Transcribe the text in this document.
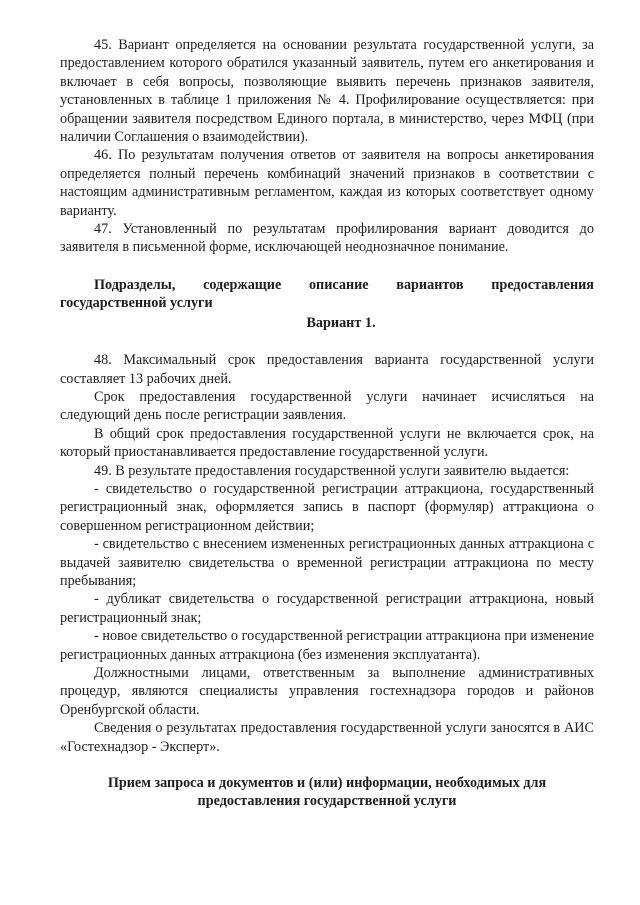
45. Вариант определяется на основании результата государственной услуги, за предоставлением которого обратился указанный заявитель, путем его анкетирования и включает в себя вопросы, позволяющие выявить перечень признаков заявителя, установленных в таблице 1 приложения № 4. Профилирование осуществляется: при обращении заявителя посредством Единого портала, в министерство, через МФЦ (при наличии Соглашения о взаимодействии).

46. По результатам получения ответов от заявителя на вопросы анкетирования определяется полный перечень комбинаций значений признаков в соответствии с настоящим административным регламентом, каждая из которых соответствует одному варианту.

47. Установленный по результатам профилирования вариант доводится до заявителя в письменной форме, исключающей неоднозначное понимание.

Подразделы, содержащие описание вариантов предоставления государственной услуги

Вариант 1.

48. Максимальный срок предоставления варианта государственной услуги составляет 13 рабочих дней.

Срок предоставления государственной услуги начинает исчисляться на следующий день после регистрации заявления.

В общий срок предоставления государственной услуги не включается срок, на который приостанавливается предоставление государственной услуги.

49. В результате предоставления государственной услуги заявителю выдается:

- свидетельство о государственной регистрации аттракциона, государственный регистрационный знак, оформляется запись в паспорт (формуляр) аттракциона о совершенном регистрационном действии;

- свидетельство с внесением измененных регистрационных данных аттракциона с выдачей заявителю свидетельства о временной регистрации аттракциона по месту пребывания;

- дубликат свидетельства о государственной регистрации аттракциона, новый регистрационный знак;

- новое свидетельство о государственной регистрации аттракциона при изменение регистрационных данных аттракциона (без изменения эксплуатанта).

Должностными лицами, ответственным за выполнение административных процедур, являются специалисты управления гостехнадзора городов и районов Оренбургской области.

Сведения о результатах предоставления государственной услуги заносятся в АИС «Гостехнадзор - Эксперт».

Прием запроса и документов и (или) информации, необходимых для предоставления государственной услуги
